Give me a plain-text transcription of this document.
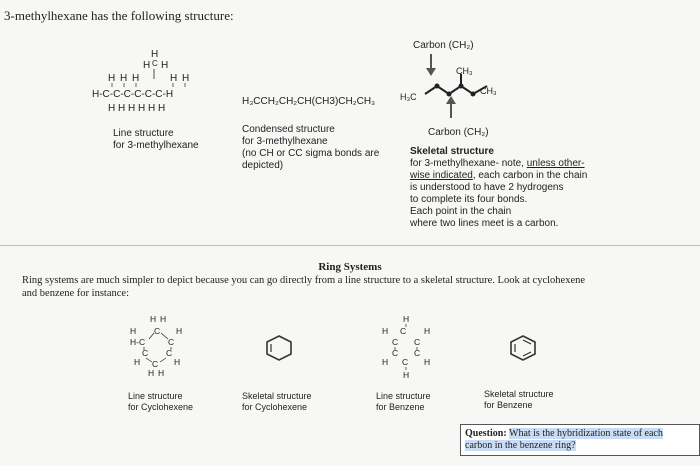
3-methylhexane has the following structure:
H
H H
C
H H H	H H
H-C-C-C-C-C-C-H
H H H H H H
Line structure
for 3-methylhexane
H₃CCH₂CH₂CH(CH3)CH₂CH₃
Condensed structure
for 3-methylhexane
(no CH or CC sigma bonds are
depicted)
Carbon (CH₂)
CH₃
CH₃
H₃C
Carbon (CH₂)
Skeletal structure
for 3-methylhexane- note, unless other-
wise indicated, each carbon in the chain
is understood to have 2 hydrogens
to complete its four bonds.
Each point in the chain
where two lines meet is a carbon.
Ring Systems
Ring systems are much simpler to depict because you can go directly from a line structure to a skeletal structure. Look at cyclohexene
and benzene for instance:
H H
H C H
H-C	C
C C
H C H
H H
Line structure
for Cyclohexene
Skeletal structure
for Cyclohexene
H
H C H
C C
C C
H C H
H
Line structure
for Benzene
Skeletal structure
for Benzene
Question: What is the hybridization state of each
carbon in the benzene ring?
